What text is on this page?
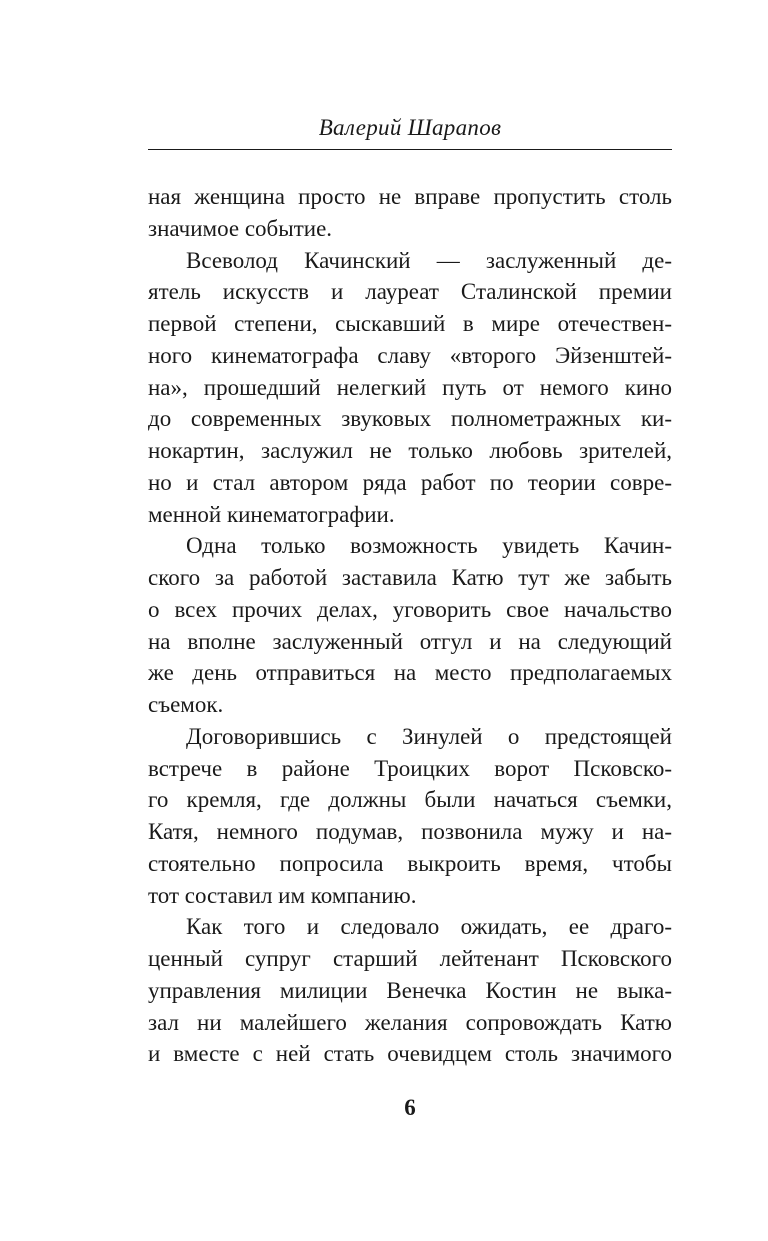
Валерий Шарапов
ная женщина просто не вправе пропустить столь
значимое событие.
Всеволод Качинский — заслуженный де-
ятель искусств и лауреат Сталинской премии
первой степени, сыскавший в мире отечествен-
ного кинематографа славу «второго Эйзенштей-
на», прошедший нелегкий путь от немого кино
до современных звуковых полнометражных ки-
нокартин, заслужил не только любовь зрителей,
но и стал автором ряда работ по теории совре-
менной кинематографии.
Одна только возможность увидеть Качин-
ского за работой заставила Катю тут же забыть
о всех прочих делах, уговорить свое начальство
на вполне заслуженный отгул и на следующий
же день отправиться на место предполагаемых
съемок.
Договорившись с Зинулей о предстоящей
встрече в районе Троицких ворот Псковско-
го кремля, где должны были начаться съемки,
Катя, немного подумав, позвонила мужу и на-
стоятельно попросила выкроить время, чтобы
тот составил им компанию.
Как того и следовало ожидать, ее драго-
ценный супруг старший лейтенант Псковского
управления милиции Венечка Костин не выка-
зал ни малейшего желания сопровождать Катю
и вместе с ней стать очевидцем столь значимого
6
